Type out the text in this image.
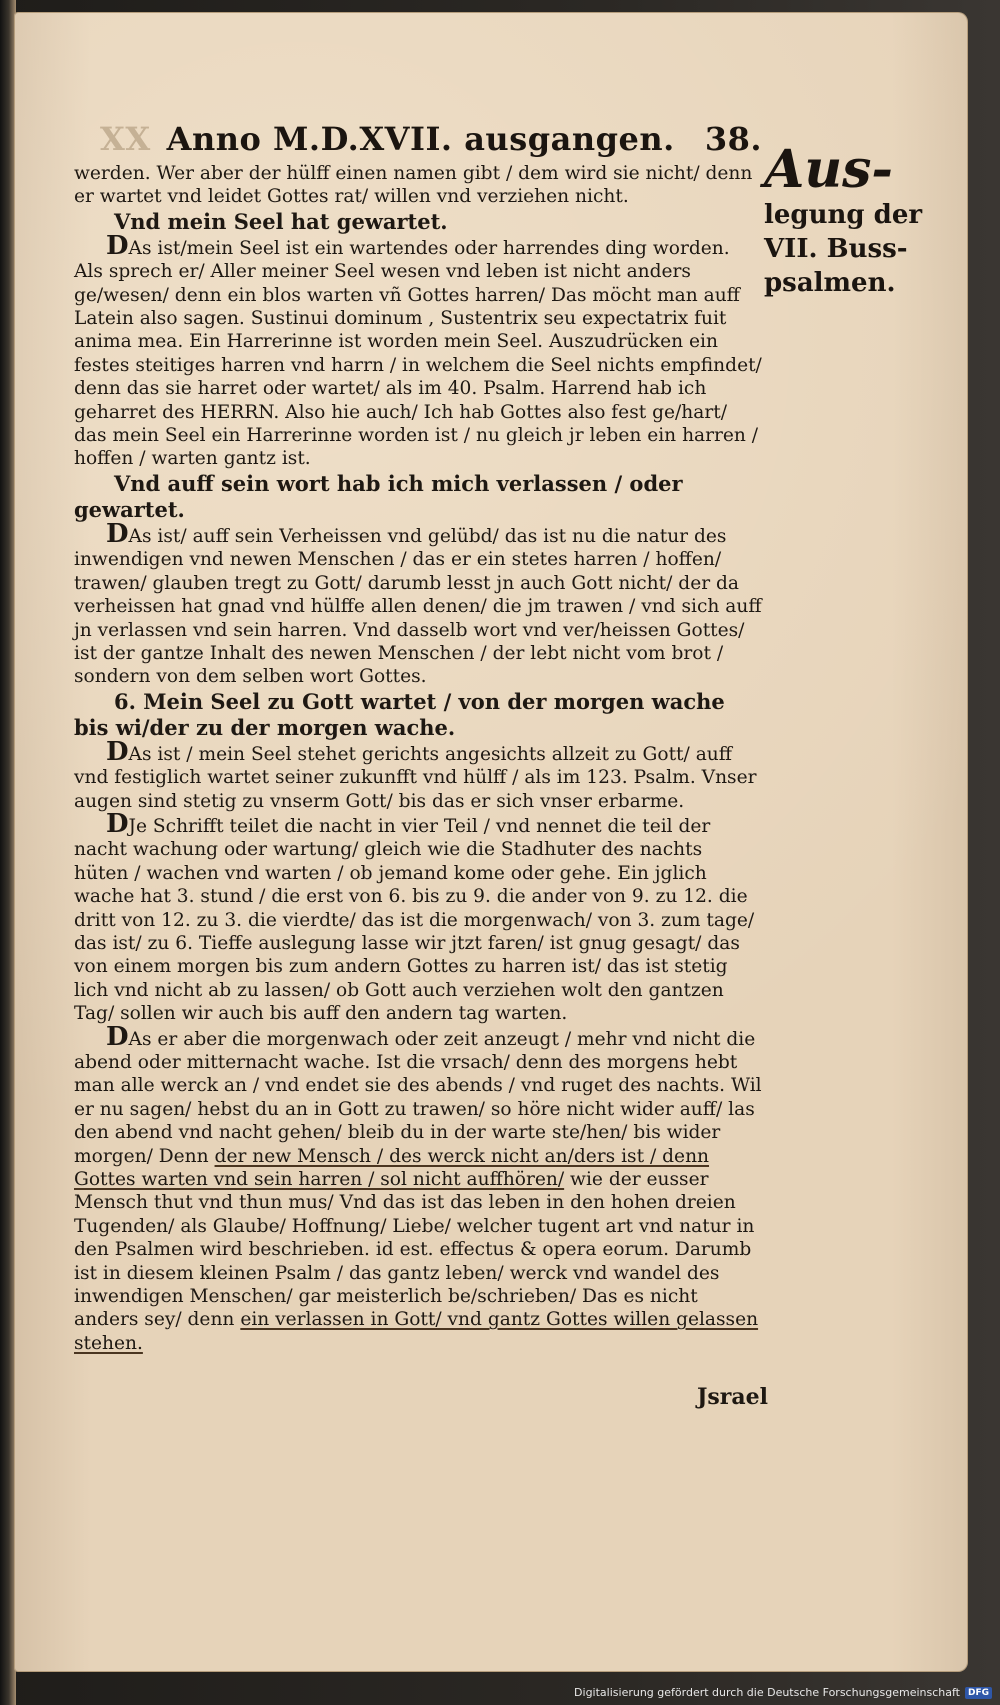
XX Anno M.D.XVII. ausgangen. 38. Aus-
legung der
VII. Buss-
psalmen.

werden. Wer aber der hülff einen namen gibt / dem wird sie nicht/ denn er wartet vnd leidet Gottes rat/ willen vnd verziehen nicht.

Vnd mein Seel hat gewartet.

DAs ist/mein Seel ist ein wartendes oder harrendes ding worden. Als sprech er/ Aller meiner Seel wesen vnd leben ist nicht anders ge/wesen/ denn ein blos warten vñ Gottes harren/ Das möcht man auff Latein also sagen. Sustinui dominum , Sustentrix seu expectatrix fuit anima mea. Ein Harrerinne ist worden mein Seel. Auszudrücken ein festes steitiges harren vnd harrn / in welchem die Seel nichts empfindet/ denn das sie harret oder wartet/ als im 40. Psalm. Harrend hab ich geharret des HERRN. Also hie auch/ Ich hab Gottes also fest ge/hart/ das mein Seel ein Harrerinne worden ist / nu gleich jr leben ein harren / hoffen / warten gantz ist.

Vnd auff sein wort hab ich mich verlassen / oder gewartet.

DAs ist/ auff sein Verheissen vnd gelübd/ das ist nu die natur des inwendigen vnd newen Menschen / das er ein stetes harren / hoffen/ trawen/ glauben tregt zu Gott/ darumb lesst jn auch Gott nicht/ der da verheissen hat gnad vnd hülffe allen denen/ die jm trawen / vnd sich auff jn verlassen vnd sein harren. Vnd dasselb wort vnd ver/heissen Gottes/ ist der gantze Inhalt des newen Menschen / der lebt nicht vom brot / sondern von dem selben wort Gottes.

6. Mein Seel zu Gott wartet / von der morgen wache bis wi/der zu der morgen wache.

DAs ist / mein Seel stehet gerichts angesichts allzeit zu Gott/ auff vnd festiglich wartet seiner zukunfft vnd hülff / als im 123. Psalm. Vnser augen sind stetig zu vnserm Gott/ bis das er sich vnser erbarme.

DJe Schrifft teilet die nacht in vier Teil / vnd nennet die teil der nacht wachung oder wartung/ gleich wie die Stadhuter des nachts hüten / wachen vnd warten / ob jemand kome oder gehe. Ein jglich wache hat 3. stund / die erst von 6. bis zu 9. die ander von 9. zu 12. die dritt von 12. zu 3. die vierdte/ das ist die morgenwach/ von 3. zum tage/ das ist/ zu 6. Tieffe auslegung lasse wir jtzt faren/ ist gnug gesagt/ das von einem morgen bis zum andern Gottes zu harren ist/ das ist stetig lich vnd nicht ab zu lassen/ ob Gott auch verziehen wolt den gantzen Tag/ sollen wir auch bis auff den andern tag warten.

DAs er aber die morgenwach oder zeit anzeugt / mehr vnd nicht die abend oder mitternacht wache. Ist die vrsach/ denn des morgens hebt man alle werck an / vnd endet sie des abends / vnd ruget des nachts. Wil er nu sagen/ hebst du an in Gott zu trawen/ so höre nicht wider auff/ las den abend vnd nacht gehen/ bleib du in der warte ste/hen/ bis wider morgen/ Denn der new Mensch / des werck nicht an/ders ist / denn Gottes warten vnd sein harren / sol nicht auffhören/ wie der eusser Mensch thut vnd thun mus/ Vnd das ist das leben in den hohen dreien Tugenden/ als Glaube/ Hoffnung/ Liebe/ welcher tugent art vnd natur in den Psalmen wird beschrieben. id est. effectus & opera eorum. Darumb ist in diesem kleinen Psalm / das gantz leben/ werck vnd wandel des inwendigen Menschen/ gar meisterlich be/schrieben/ Das es nicht anders sey/ denn ein verlassen in Gott/ vnd gantz Gottes willen gelassen stehen.

Jsrael
Digitalisierung gefördert durch die Deutsche Forschungsgemeinschaft DFG
